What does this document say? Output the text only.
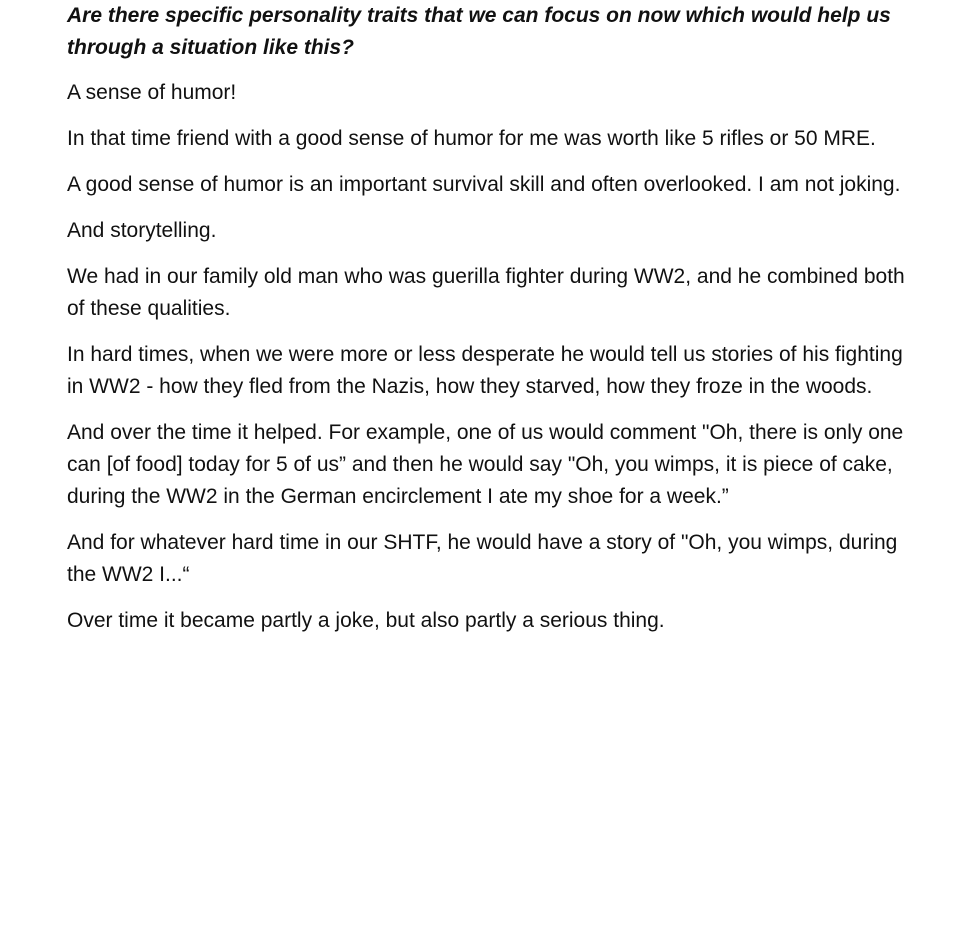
Are there specific personality traits that we can focus on now which would help us through a situation like this?

A sense of humor!

In that time friend with a good sense of humor for me was worth like 5 rifles or 50 MRE.

A good sense of humor is an important survival skill and often overlooked. I am not joking.

And storytelling.

We had in our family old man who was guerilla fighter during WW2, and he combined both of these qualities.

In hard times, when we were more or less desperate he would tell us stories of his fighting in WW2 - how they fled from the Nazis, how they starved, how they froze in the woods.

And over the time it helped. For example, one of us would comment "Oh, there is only one can [of food] today for 5 of us” and then he would say "Oh, you wimps, it is piece of cake, during the WW2 in the German encirclement I ate my shoe for a week.”

And for whatever hard time in our SHTF, he would have a story of "Oh, you wimps, during the WW2 I...“

Over time it became partly a joke, but also partly a serious thing.
